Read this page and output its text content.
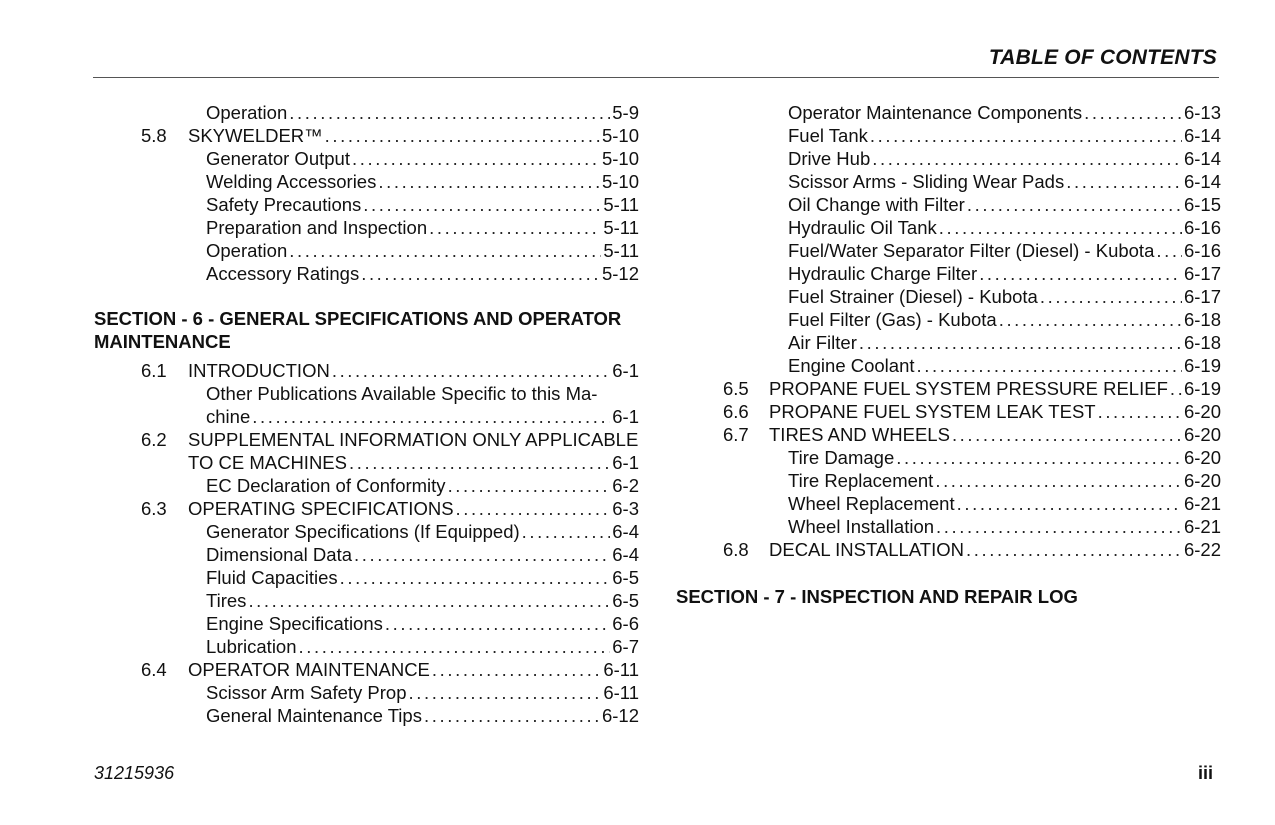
TABLE OF CONTENTS
Operation .....	5-9
5.8 SKYWELDER™ .....	5-10
Generator Output .....	5-10
Welding Accessories .....	5-10
Safety Precautions .....	5-11
Preparation and Inspection .....	5-11
Operation .....	5-11
Accessory Ratings .....	5-12
SECTION - 6 - GENERAL SPECIFICATIONS AND OPERATOR
MAINTENANCE
6.1 INTRODUCTION .....	6-1
Other Publications Available Specific to this Ma-
chine .....	6-1
6.2 SUPPLEMENTAL INFORMATION ONLY APPLICABLE
TO CE MACHINES .....	6-1
EC Declaration of Conformity .....	6-2
6.3 OPERATING SPECIFICATIONS .....	6-3
Generator Specifications (If Equipped) .....	6-4
Dimensional Data .....	6-4
Fluid Capacities .....	6-5
Tires .....	6-5
Engine Specifications .....	6-6
Lubrication .....	6-7
6.4 OPERATOR MAINTENANCE .....	6-11
Scissor Arm Safety Prop .....	6-11
General Maintenance Tips .....	6-12
Operator Maintenance Components .....	6-13
Fuel Tank .....	6-14
Drive Hub .....	6-14
Scissor Arms - Sliding Wear Pads .....	6-14
Oil Change with Filter .....	6-15
Hydraulic Oil Tank .....	6-16
Fuel/Water Separator Filter (Diesel) - Kubota ..... 6-16
Hydraulic Charge Filter .....	6-17
Fuel Strainer (Diesel) - Kubota .....	6-17
Fuel Filter (Gas) - Kubota .....	6-18
Air Filter .....	6-18
Engine Coolant .....	6-19
6.5 PROPANE FUEL SYSTEM PRESSURE RELIEF ..... 6-19
6.6 PROPANE FUEL SYSTEM LEAK TEST .....	6-20
6.7 TIRES AND WHEELS .....	6-20
Tire Damage .....	6-20
Tire Replacement .....	6-20
Wheel Replacement .....	6-21
Wheel Installation .....	6-21
6.8 DECAL INSTALLATION .....	6-22
SECTION - 7 - INSPECTION AND REPAIR LOG
31215936	iii
